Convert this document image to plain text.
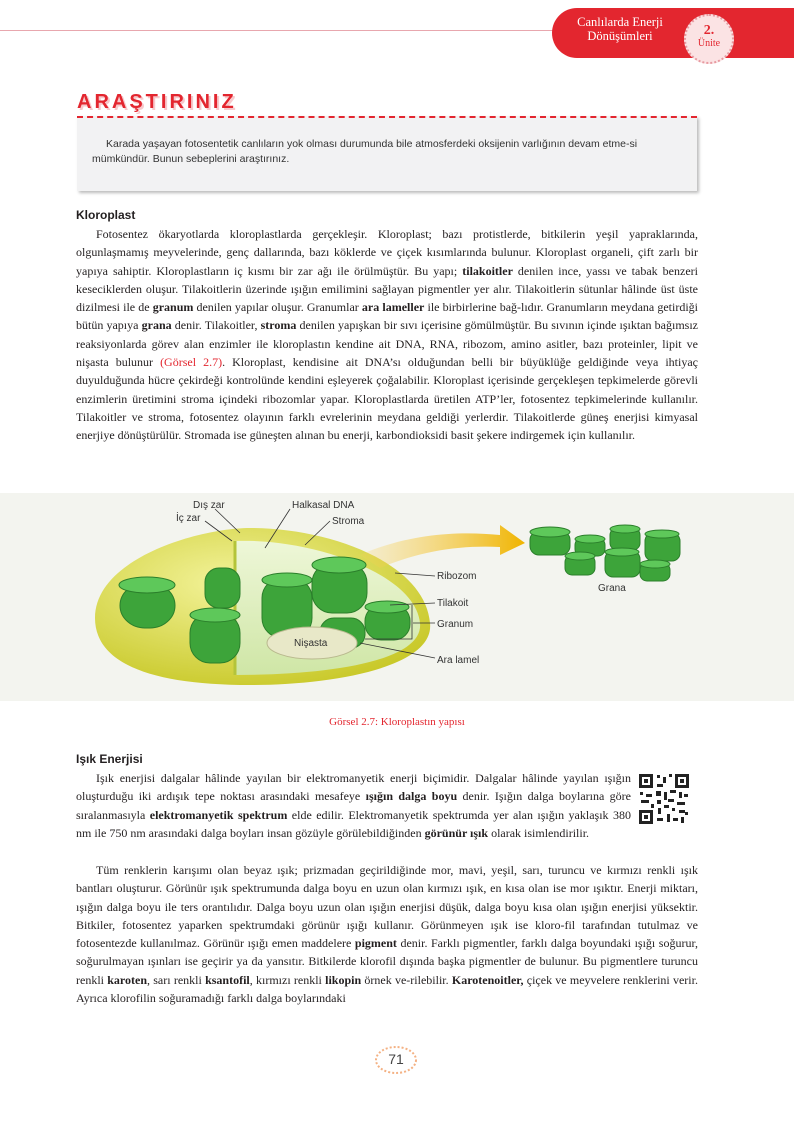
Canlılarda Enerji
Dönüşümleri	2.
Ünite
ARAŞTIRINIZ
Karada yaşayan fotosentetik canlıların yok olması durumunda bile atmosferdeki oksijenin varlığının devam etme-si mümkündür. Bunun sebeplerini araştırınız.
Kloroplast

Fotosentez ökaryotlarda kloroplastlarda gerçekleşir. Kloroplast; bazı protistlerde, bitkilerin yeşil yapraklarında, olgunlaşmamış meyvelerinde, genç dallarında, bazı köklerde ve çiçek kısımlarında bulunur. Kloroplast organeli, çift zarlı bir yapıya sahiptir. Kloroplastların iç kısmı bir zar ağı ile örülmüştür. Bu yapı; tilakoitler denilen ince, yassı ve tabak benzeri keseciklerden oluşur. Tilakoitlerin üzerinde ışığın emilimini sağlayan pigmentler yer alır. Tilakoitlerin sütunlar hâlinde üst üste dizilmesi ile de granum denilen yapılar oluşur. Granumlar ara lameller ile birbirlerine bağ-lıdır. Granumların meydana getirdiği bütün yapıya grana denir. Tilakoitler, stroma denilen yapışkan bir sıvı içerisine gömülmüştür. Bu sıvının içinde ışıktan bağımsız reaksiyonlarda görev alan enzimler ile kloroplastın kendine ait DNA, RNA, ribozom, amino asitler, bazı proteinler, lipit ve nişasta bulunur (Görsel 2.7). Kloroplast, kendisine ait DNA’sı olduğundan belli bir büyüklüğe geldiğinde veya ihtiyaç duyulduğunda hücre çekirdeği kontrolünde kendini eşleyerek çoğalabilir. Kloroplast içerisinde gerçekleşen tepkimelerde görevli enzimlerin üretimini stroma içindeki ribozomlar yapar. Kloroplastlarda üretilen ATP’ler, fotosentez tepkimelerinde kullanılır. Tilakoitler ve stroma, fotosentez olayının farklı evrelerinin meydana geldiği yerlerdir. Tilakoitlerde güneş enerjisi kimyasal enerjiye dönüştürülür. Stromada ise güneşten alınan bu enerji, karbondioksidi basit şekere indirgemek için kullanılır.

Dış zar
İç zar
Halkasal DNA
Stroma
Ribozom
Tilakoit
Granum
Nişasta
Ara lamel
Grana
Görsel 2.7: Kloroplastın yapısı
Işık Enerjisi

Işık enerjisi dalgalar hâlinde yayılan bir elektromanyetik enerji biçimidir. Dalgalar hâlinde yayılan ışığın oluşturduğu iki ardışık tepe noktası arasındaki mesafeye ışığın dalga boyu denir. Işığın dalga boylarına göre sıralanmasıyla elektromanyetik spektrum elde edilir. Elektromanyetik spektrumda yer alan ışığın yaklaşık 380 nm ile 750 nm arasındaki dalga boyları insan gözüyle görülebildiğinden görünür ışık olarak isimlendirilir.

Tüm renklerin karışımı olan beyaz ışık; prizmadan geçirildiğinde mor, mavi, yeşil, sarı, turuncu ve kırmızı renkli ışık bantları oluşturur. Görünür ışık spektrumunda dalga boyu en uzun olan kırmızı ışık, en kısa olan ise mor ışıktır. Enerji miktarı, ışığın dalga boyu ile ters orantılıdır. Dalga boyu uzun olan ışığın enerjisi düşük, dalga boyu kısa olan ışığın enerjisi yüksektir. Bitkiler, fotosentez yaparken spektrumdaki görünür ışığı kullanır. Görünmeyen ışık ise kloro-fil tarafından tutulmaz ve fotosentezde kullanılmaz. Görünür ışığı emen maddelere pigment denir. Farklı pigmentler, farklı dalga boyundaki ışığı soğurur, soğurulmayan ışınları ise geçirir ya da yansıtır. Bitkilerde klorofil dışında başka pigmentler de bulunur. Bu pigmentlere turuncu renkli karoten, sarı renkli ksantofil, kırmızı renkli likopin örnek ve-rilebilir. Karotenoitler, çiçek ve meyvelere renklerini verir. Ayrıca klorofilin soğuramadığı farklı dalga boylarındaki

71
